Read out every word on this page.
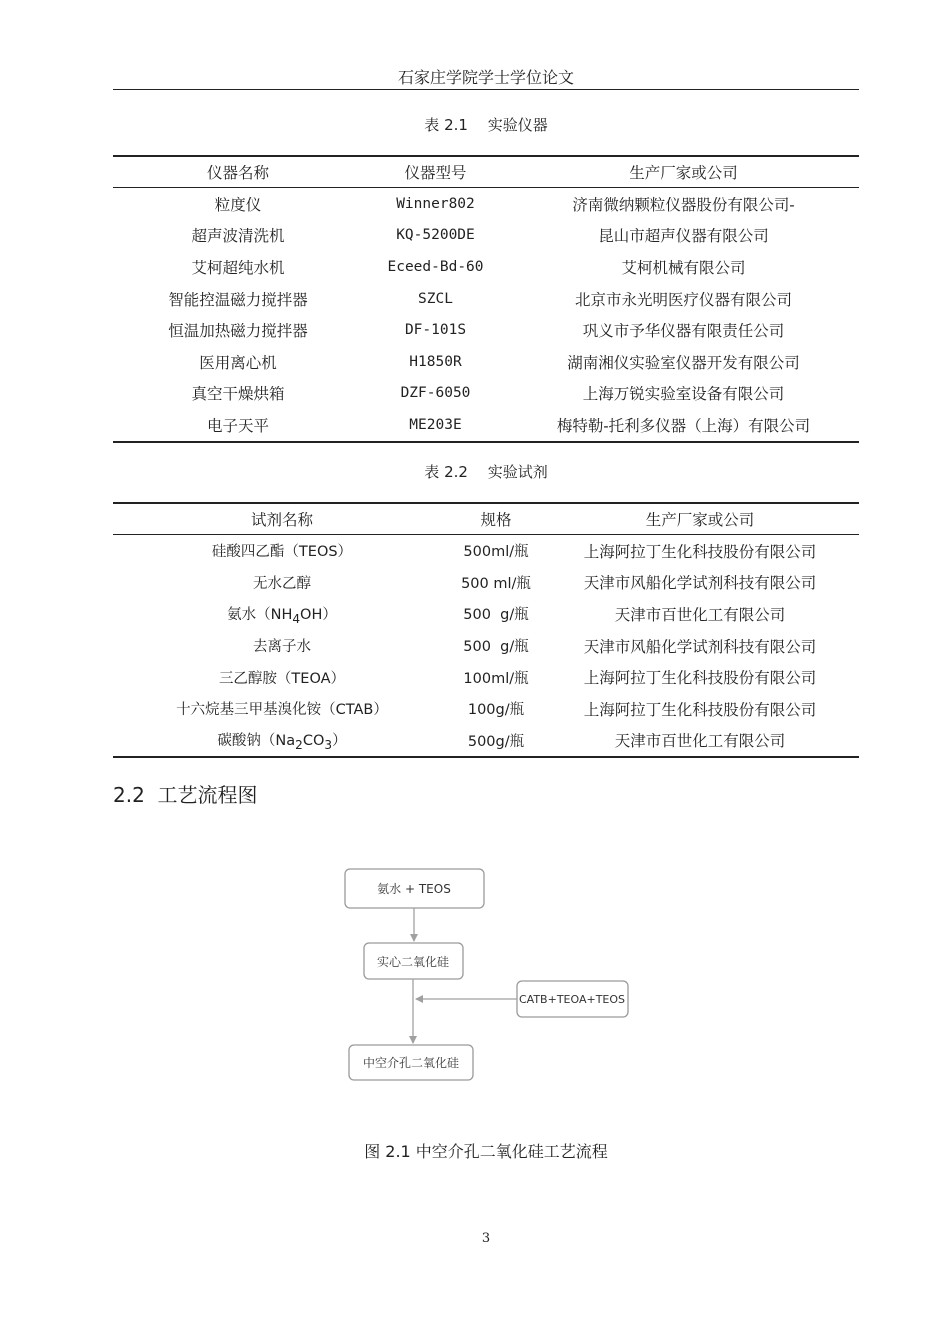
石家庄学院学士学位论文
表 2.1　 实验仪器
仪器名称	仪器型号	生产厂家或公司
粒度仪	Winner802	济南微纳颗粒仪器股份有限公司-
超声波清洗机	KQ-5200DE	昆山市超声仪器有限公司
艾柯超纯水机	Eceed-Bd-60	艾柯机械有限公司
智能控温磁力搅拌器	SZCL	北京市永光明医疗仪器有限公司
恒温加热磁力搅拌器	DF-101S	巩义市予华仪器有限责任公司
医用离心机	H1850R	湖南湘仪实验室仪器开发有限公司
真空干燥烘箱	DZF-6050	上海万锐实验室设备有限公司
电子天平	ME203E	梅特勒-托利多仪器（上海）有限公司
表 2.2　 实验试剂
试剂名称	规格	生产厂家或公司
硅酸四乙酯（TEOS）	500ml/瓶	上海阿拉丁生化科技股份有限公司
无水乙醇	500 ml/瓶	天津市风船化学试剂科技有限公司
氨水$(NH_4OH)$	500  g/瓶	天津市百世化工有限公司
去离子水	500  g/瓶	天津市风船化学试剂科技有限公司
三乙醇胺（TEOA）	100ml/瓶	上海阿拉丁生化科技股份有限公司
十六烷基三甲基溴化铵（CTAB）	100g/瓶	上海阿拉丁生化科技股份有限公司
碳酸钠$(Na_2CO_3)$	500g/瓶	天津市百世化工有限公司
2.2  工艺流程图
氨水 + TEOS
实心二氧化硅
CATB+TEOA+TEOS
中空介孔二氧化硅
图 2.1 中空介孔二氧化硅工艺流程
3
